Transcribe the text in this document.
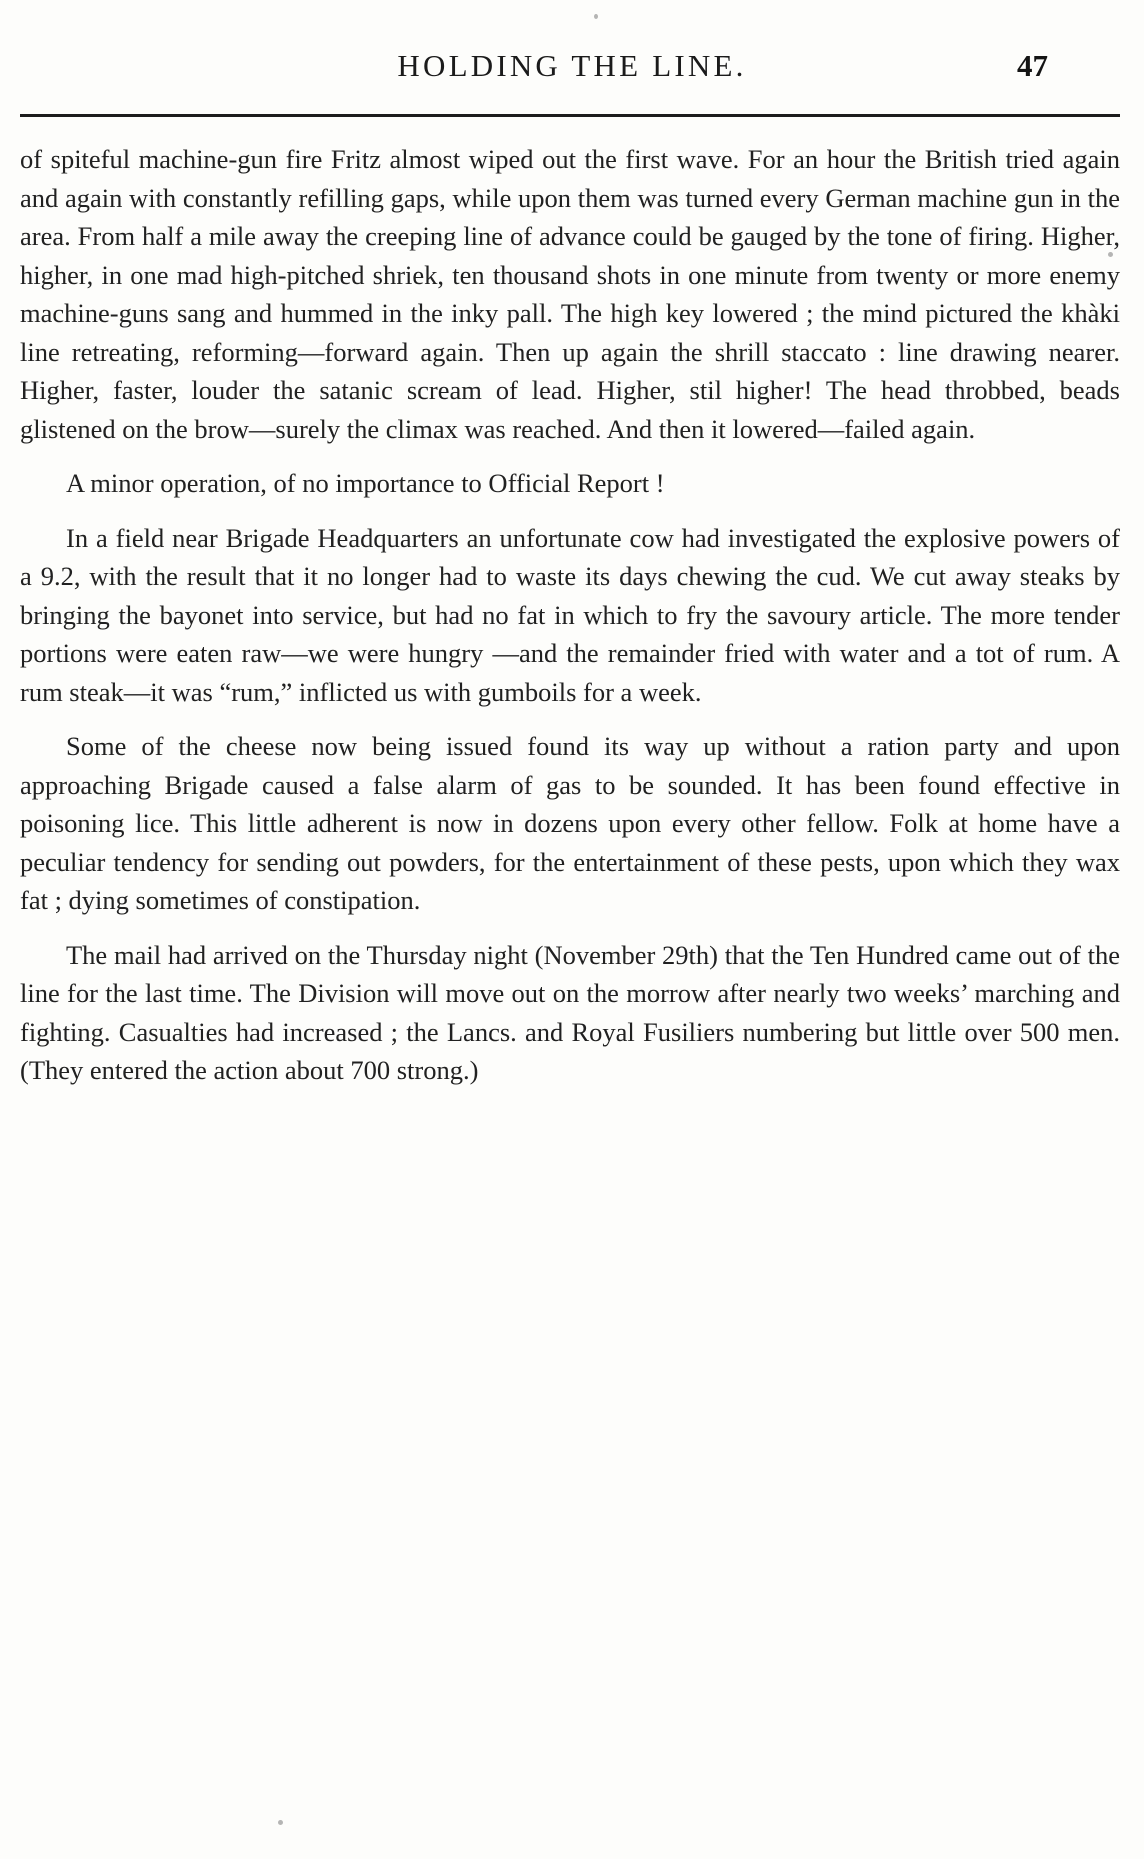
HOLDING THE LINE.	47

of spiteful machine-gun fire Fritz almost wiped out the first wave. For an hour the British tried again and again with constantly refilling gaps, while upon them was turned every German machine gun in the area. From half a mile away the creeping line of advance could be gauged by the tone of firing. Higher, higher, in one mad high-pitched shriek, ten thousand shots in one minute from twenty or more enemy machine-guns sang and hummed in the inky pall. The high key lowered ; the mind pictured the khàki line retreating, reforming—forward again. Then up again the shrill staccato : line drawing nearer. Higher, faster, louder the satanic scream of lead. Higher, stil higher! The head throbbed, beads glistened on the brow—surely the climax was reached. And then it lowered—failed again.

A minor operation, of no importance to Official Report !

In a field near Brigade Headquarters an unfortunate cow had investigated the explosive powers of a 9.2, with the result that it no longer had to waste its days chewing the cud. We cut away steaks by bringing the bayonet into service, but had no fat in which to fry the savoury article. The more tender portions were eaten raw—we were hungry —and the remainder fried with water and a tot of rum. A rum steak—it was “rum,” inflicted us with gumboils for a week.

Some of the cheese now being issued found its way up without a ration party and upon approaching Brigade caused a false alarm of gas to be sounded. It has been found effective in poisoning lice. This little adherent is now in dozens upon every other fellow. Folk at home have a peculiar tendency for sending out powders, for the entertainment of these pests, upon which they wax fat ; dying sometimes of constipation.

The mail had arrived on the Thursday night (November 29th) that the Ten Hundred came out of the line for the last time. The Division will move out on the morrow after nearly two weeks’ marching and fighting. Casualties had increased ; the Lancs. and Royal Fusiliers numbering but little over 500 men. (They entered the action about 700 strong.)
